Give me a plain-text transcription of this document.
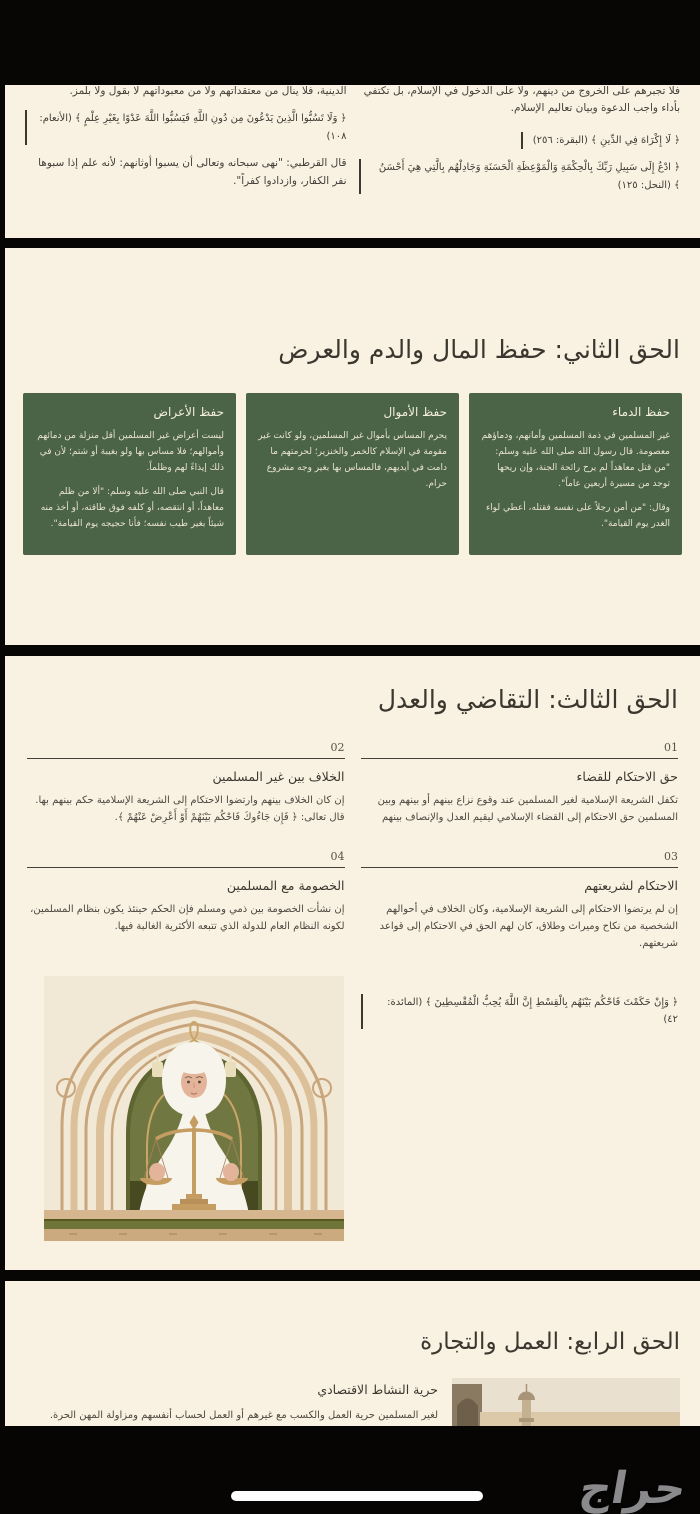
فلا تجبرهم على الخروج من دينهم، ولا على الدخول في الإسلام، بل تكتفي بأداء واجب الدعوة وبيان تعاليم الإسلام.

﴿ لَا إِكْرَاهَ فِي الدِّينِ ﴾ (البقرة: ٢٥٦)
﴿ ادْعُ إِلَى سَبِيلِ رَبِّكَ بِالْحِكْمَةِ وَالْمَوْعِظَةِ الْحَسَنَةِ وَجَادِلْهُم بِالَّتِي هِيَ أَحْسَنُ ﴾ (النحل: ١٢٥)

الدينية، فلا ينال من معتقداتهم ولا من معبوداتهم لا بقول ولا بلمز.

﴿ وَلَا تَسُبُّوا الَّذِينَ يَدْعُونَ مِن دُونِ اللَّهِ فَيَسُبُّوا اللَّهَ عَدْوًا بِغَيْرِ عِلْمٍ ﴾ (الأنعام: ١٠٨)

قال القرطبي: "نهى سبحانه وتعالى أن يسبوا أوثانهم: لأنه علم إذا سبوها نفر الكفار، وازدادوا كفراً".

الحق الثاني: حفظ المال والدم والعرض
حفظ الدماء

غير المسلمين في ذمة المسلمين وأمانهم، ودماؤهم معصومة. قال رسول الله صلى الله عليه وسلم: "من قتل معاهداً لم يرح رائحة الجنة، وإن ريحها توجد من مسيرة أربعين عاماً".

وقال: "من أمن رجلاً على نفسه فقتله، أعطي لواء الغدر يوم القيامة".

حفظ الأموال

يحرم المساس بأموال غير المسلمين، ولو كانت غير مقومة في الإسلام كالخمر والخنزير؛ لحرمتهم ما دامت في أيديهم، فالمساس بها بغير وجه مشروع حرام.

حفظ الأعراض

ليست أعراض غير المسلمين أقل منزلة من دمائهم وأموالهم؛ فلا مساس بها ولو بغيبة أو شتم؛ لأن في ذلك إيذاءً لهم وظلماً.

قال النبي صلى الله عليه وسلم: "ألا من ظلم معاهداً، أو انتقصه، أو كلفه فوق طاقته، أو أخذ منه شيئاً بغير طيب نفسه؛ فأنا حجيجه يوم القيامة".

الحق الثالث: التقاضي والعدل
01
حق الاحتكام للقضاء

تكفل الشريعة الإسلامية لغير المسلمين عند وقوع نزاع بينهم أو بينهم وبين المسلمين حق الاحتكام إلى القضاء الإسلامي ليقيم العدل والإنصاف بينهم

02
الخلاف بين غير المسلمين

إن كان الخلاف بينهم وارتضوا الاحتكام إلى الشريعة الإسلامية حكم بينهم بها. قال تعالى: ﴿ فَإِن جَاءُوكَ فَاحْكُم بَيْنَهُمْ أَوْ أَعْرِضْ عَنْهُمْ ﴾.

03
الاحتكام لشريعتهم

إن لم يرتضوا الاحتكام إلى الشريعة الإسلامية، وكان الخلاف في أحوالهم الشخصية من نكاح وميراث وطلاق، كان لهم الحق في الاحتكام إلى قواعد شريعتهم.

04
الخصومة مع المسلمين

إن نشأت الخصومة بين ذمي ومسلم فإن الحكم حينئذ يكون بنظام المسلمين، لكونه النظام العام للدولة الذي تتبعه الأكثرية الغالبة فيها.

﴿ وَإِنْ حَكَمْتَ فَاحْكُم بَيْنَهُم بِالْقِسْطِ إِنَّ اللَّهَ يُحِبُّ الْمُقْسِطِينَ ﴾ (المائدة: ٤٢)
الحق الرابع: العمل والتجارة
حرية النشاط الاقتصادي

لغير المسلمين حرية العمل والكسب مع غيرهم أو العمل لحساب أنفسهم ومزاولة المهن الحرة.

حراج
